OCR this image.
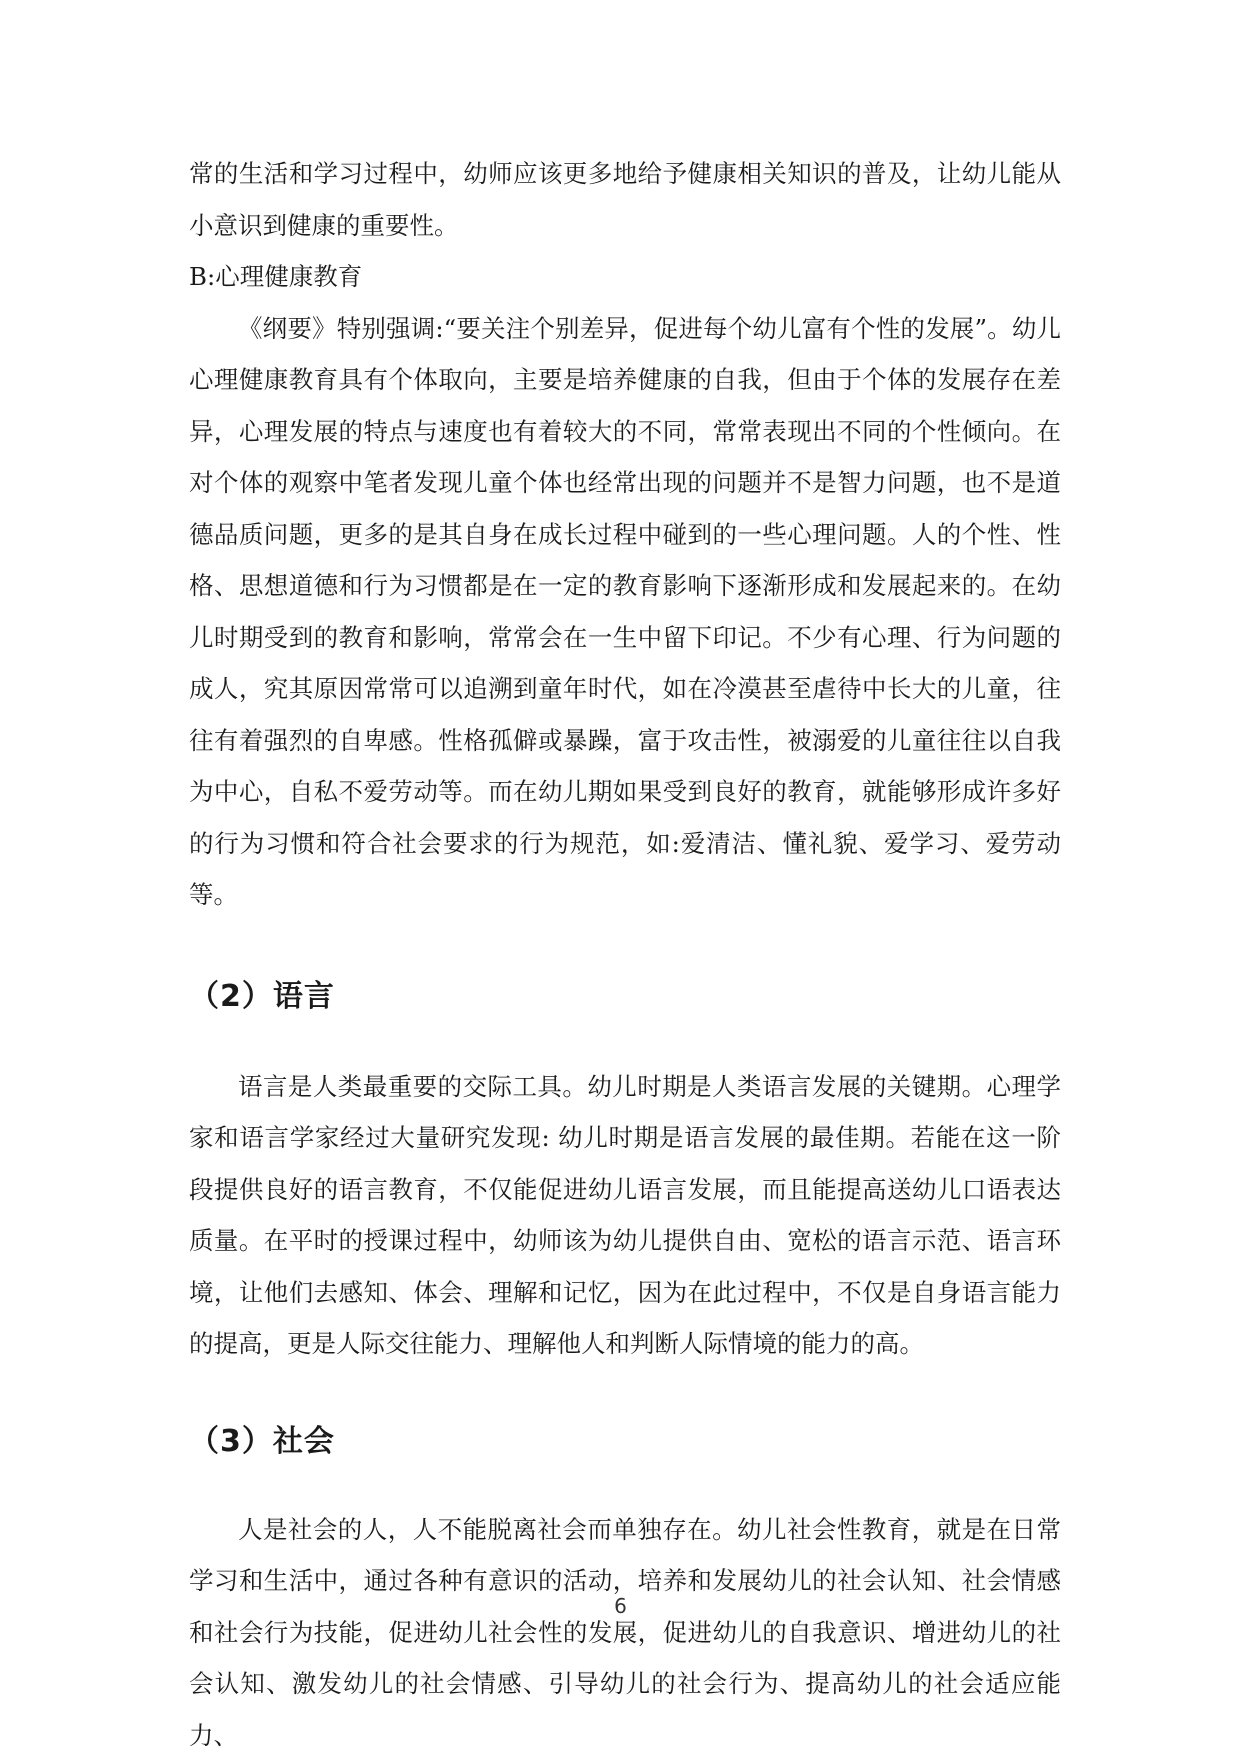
常的生活和学习过程中，幼师应该更多地给予健康相关知识的普及，让幼儿能从小意识到健康的重要性。

B:心理健康教育

《纲要》特别强调:“要关注个别差异，促进每个幼儿富有个性的发展”。幼儿心理健康教育具有个体取向，主要是培养健康的自我，但由于个体的发展存在差异，心理发展的特点与速度也有着较大的不同，常常表现出不同的个性倾向。在对个体的观察中笔者发现儿童个体也经常出现的问题并不是智力问题，也不是道德品质问题，更多的是其自身在成长过程中碰到的一些心理问题。人的个性、性格、思想道德和行为习惯都是在一定的教育影响下逐渐形成和发展起来的。在幼儿时期受到的教育和影响，常常会在一生中留下印记。不少有心理、行为问题的成人，究其原因常常可以追溯到童年时代，如在冷漠甚至虐待中长大的儿童，往往有着强烈的自卑感。性格孤僻或暴躁，富于攻击性，被溺爱的儿童往往以自我为中心，自私不爱劳动等。而在幼儿期如果受到良好的教育，就能够形成许多好的行为习惯和符合社会要求的行为规范，如:爱清洁、懂礼貌、爱学习、爱劳动等。

（2）语言

语言是人类最重要的交际工具。幼儿时期是人类语言发展的关键期。心理学家和语言学家经过大量研究发现: 幼儿时期是语言发展的最佳期。若能在这一阶段提供良好的语言教育，不仅能促进幼儿语言发展，而且能提高送幼儿口语表达质量。在平时的授课过程中，幼师该为幼儿提供自由、宽松的语言示范、语言环境，让他们去感知、体会、理解和记忆，因为在此过程中，不仅是自身语言能力的提高，更是人际交往能力、理解他人和判断人际情境的能力的高。

（3）社会

人是社会的人，人不能脱离社会而单独存在。幼儿社会性教育，就是在日常学习和生活中，通过各种有意识的活动，培养和发展幼儿的社会认知、社会情感和社会行为技能，促进幼儿社会性的发展，促进幼儿的自我意识、增进幼儿的社会认知、激发幼儿的社会情感、引导幼儿的社会行为、提高幼儿的社会适应能力、

6
